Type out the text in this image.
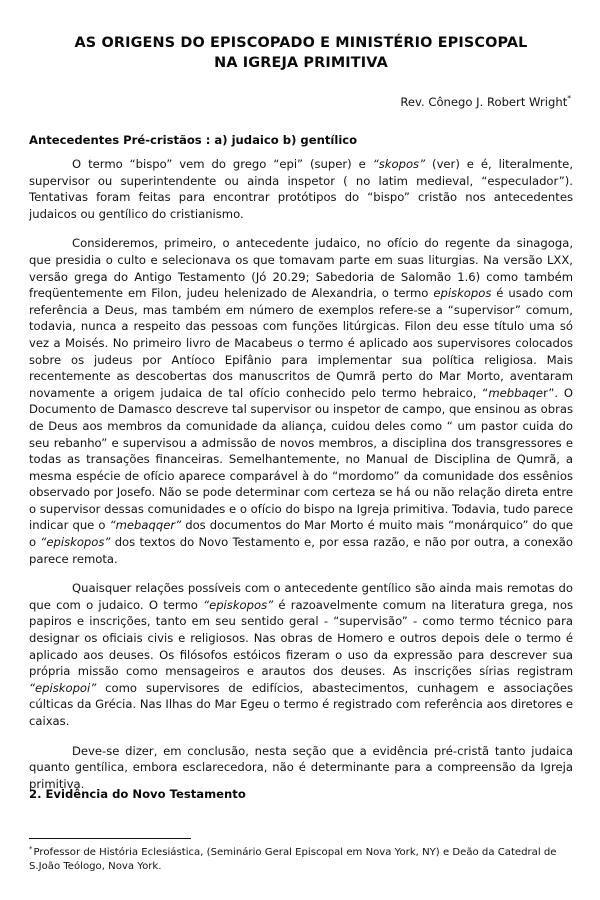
AS ORIGENS DO EPISCOPADO E MINISTÉRIO EPISCOPAL
NA IGREJA PRIMITIVA
Rev. Cônego J. Robert Wright*
Antecedentes Pré-cristãos : a) judaico b) gentílico

O termo “bispo” vem do grego “epi” (super) e “skopos” (ver) e é, literalmente, supervisor ou superintendente ou ainda inspetor ( no latim medieval, “especulador”). Tentativas foram feitas para encontrar protótipos do “bispo” cristão nos antecedentes judaicos ou gentílico do cristianismo.

Consideremos, primeiro, o antecedente judaico, no ofício do regente da sinagoga, que presidia o culto e selecionava os que tomavam parte em suas liturgias. Na versão LXX, versão grega do Antigo Testamento (Jó 20.29; Sabedoria de Salomão 1.6) como também freqüentemente em Filon, judeu helenizado de Alexandria, o termo episkopos é usado com referência a Deus, mas também em número de exemplos refere-se a “supervisor” comum, todavia, nunca a respeito das pessoas com funções litúrgicas. Filon deu esse título uma só vez a Moisés. No primeiro livro de Macabeus o termo é aplicado aos supervisores colocados sobre os judeus por Antíoco Epifânio para implementar sua política religiosa. Mais recentemente as descobertas dos manuscritos de Qumrã perto do Mar Morto, aventaram novamente a origem judaica de tal ofício conhecido pelo termo hebraico, “mebbaqer”. O Documento de Damasco descreve tal supervisor ou inspetor de campo, que ensinou as obras de Deus aos membros da comunidade da aliança, cuidou deles como “ um pastor cuida do seu rebanho” e supervisou a admissão de novos membros, a disciplina dos transgressores e todas as transações financeiras. Semelhantemente, no Manual de Disciplina de Qumrã, a mesma espécie de ofício aparece comparável à do “mordomo” da comunidade dos essênios observado por Josefo. Não se pode determinar com certeza se há ou não relação direta entre o supervisor dessas comunidades e o ofício do bispo na Igreja primitiva. Todavia, tudo parece indicar que o “mebaqqer” dos documentos do Mar Morto é muito mais “monárquico” do que o “episkopos” dos textos do Novo Testamento e, por essa razão, e não por outra, a conexão parece remota.

Quaisquer relações possíveis com o antecedente gentílico são ainda mais remotas do que com o judaico. O termo “episkopos” é razoavelmente comum na literatura grega, nos papiros e inscrições, tanto em seu sentido geral - “supervisão” - como termo técnico para designar os oficiais civis e religiosos. Nas obras de Homero e outros depois dele o termo é aplicado aos deuses. Os filósofos estóicos fizeram o uso da expressão para descrever sua própria missão como mensageiros e arautos dos deuses. As inscrições sírias registram “episkopoi” como supervisores de edifícios, abastecimentos, cunhagem e associações cúlticas da Grécia. Nas Ilhas do Mar Egeu o termo é registrado com referência aos diretores e caixas.

Deve-se dizer, em conclusão, nesta seção que a evidência pré-cristã tanto judaica quanto gentílica, embora esclarecedora, não é determinante para a compreensão da Igreja primitiva.

2. Evidência do Novo Testamento

*Professor de História Eclesiástica, (Seminário Geral Episcopal em Nova York, NY) e Deão da Catedral de S.João Teólogo, Nova York.
